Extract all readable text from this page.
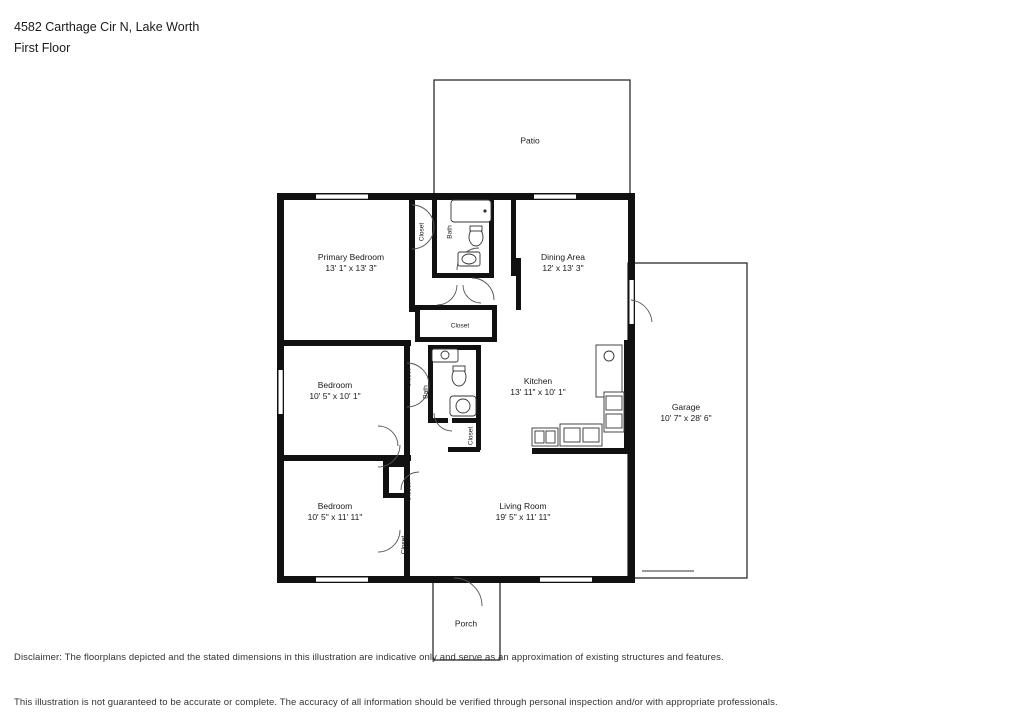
4582 Carthage Cir N, Lake Worth
First Floor
Patio
Primary Bedroom
13' 1" x 13' 3"
Dining Area
12' x 13' 3"
Bedroom
10' 5" x 10' 1"
Kitchen
13' 11" x 10' 1"
Garage
10' 7" x 28' 6"
Bedroom
10' 5" x 11' 11"
Living Room
19' 5" x 11' 11"
Porch
Closet	Bath
Closet
Closet
Bath
Closet
Closet
Closet
Disclaimer: The floorplans depicted and the stated dimensions in this illustration are indicative only and serve as an approximation of existing structures and features.
This illustration is not guaranteed to be accurate or complete. The accuracy of all information should be verified through personal inspection and/or with appropriate professionals.
